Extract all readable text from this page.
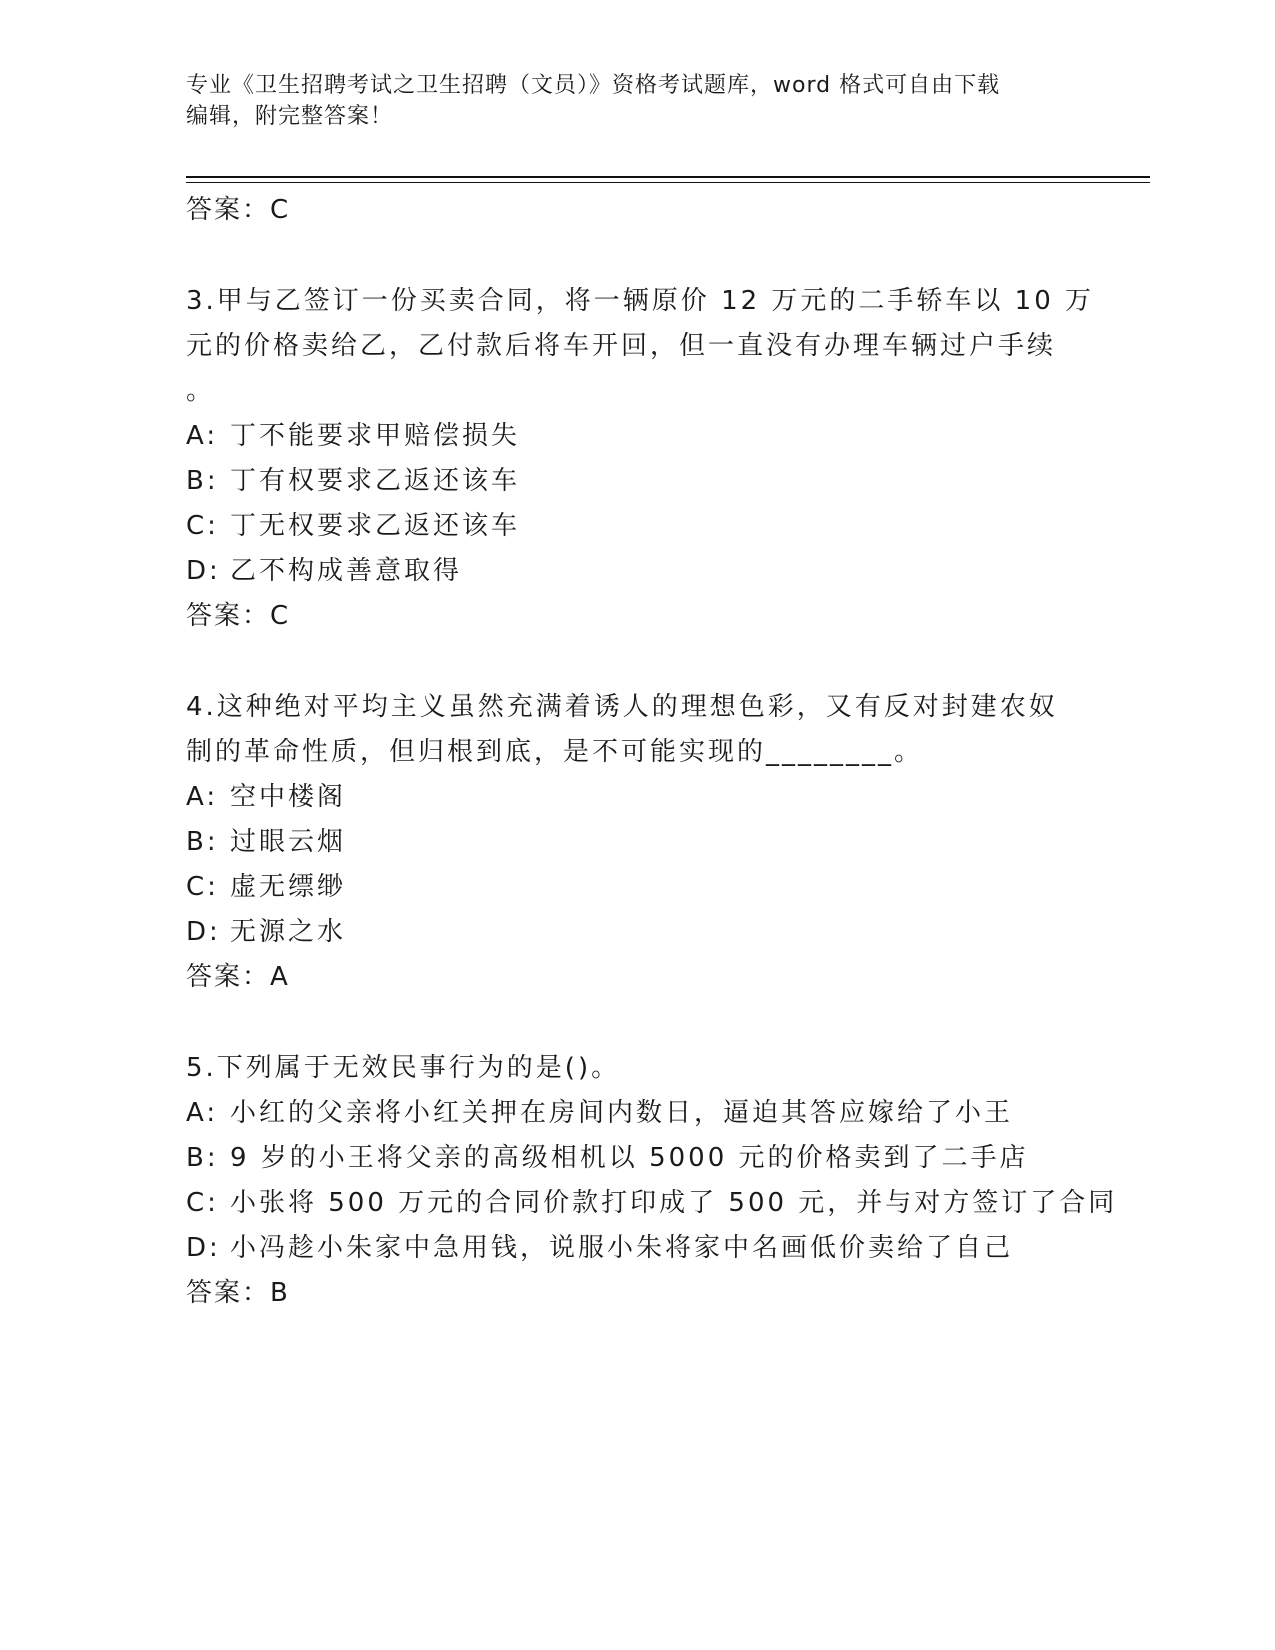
专业《卫生招聘考试之卫生招聘（文员）》资格考试题库，word 格式可自由下载
编辑，附完整答案！
答案：C
3.甲与乙签订一份买卖合同，将一辆原价 12 万元的二手轿车以 10 万
元的价格卖给乙，乙付款后将车开回，但一直没有办理车辆过户手续
。
A: 丁不能要求甲赔偿损失
B: 丁有权要求乙返还该车
C: 丁无权要求乙返还该车
D: 乙不构成善意取得
答案：C
4.这种绝对平均主义虽然充满着诱人的理想色彩，又有反对封建农奴
制的革命性质，但归根到底，是不可能实现的________。
A: 空中楼阁
B: 过眼云烟
C: 虚无缥缈
D: 无源之水
答案：A
5.下列属于无效民事行为的是()。
A: 小红的父亲将小红关押在房间内数日，逼迫其答应嫁给了小王
B: 9 岁的小王将父亲的高级相机以 5000 元的价格卖到了二手店
C: 小张将 500 万元的合同价款打印成了 500 元，并与对方签订了合同
D: 小冯趁小朱家中急用钱，说服小朱将家中名画低价卖给了自己
答案：B
